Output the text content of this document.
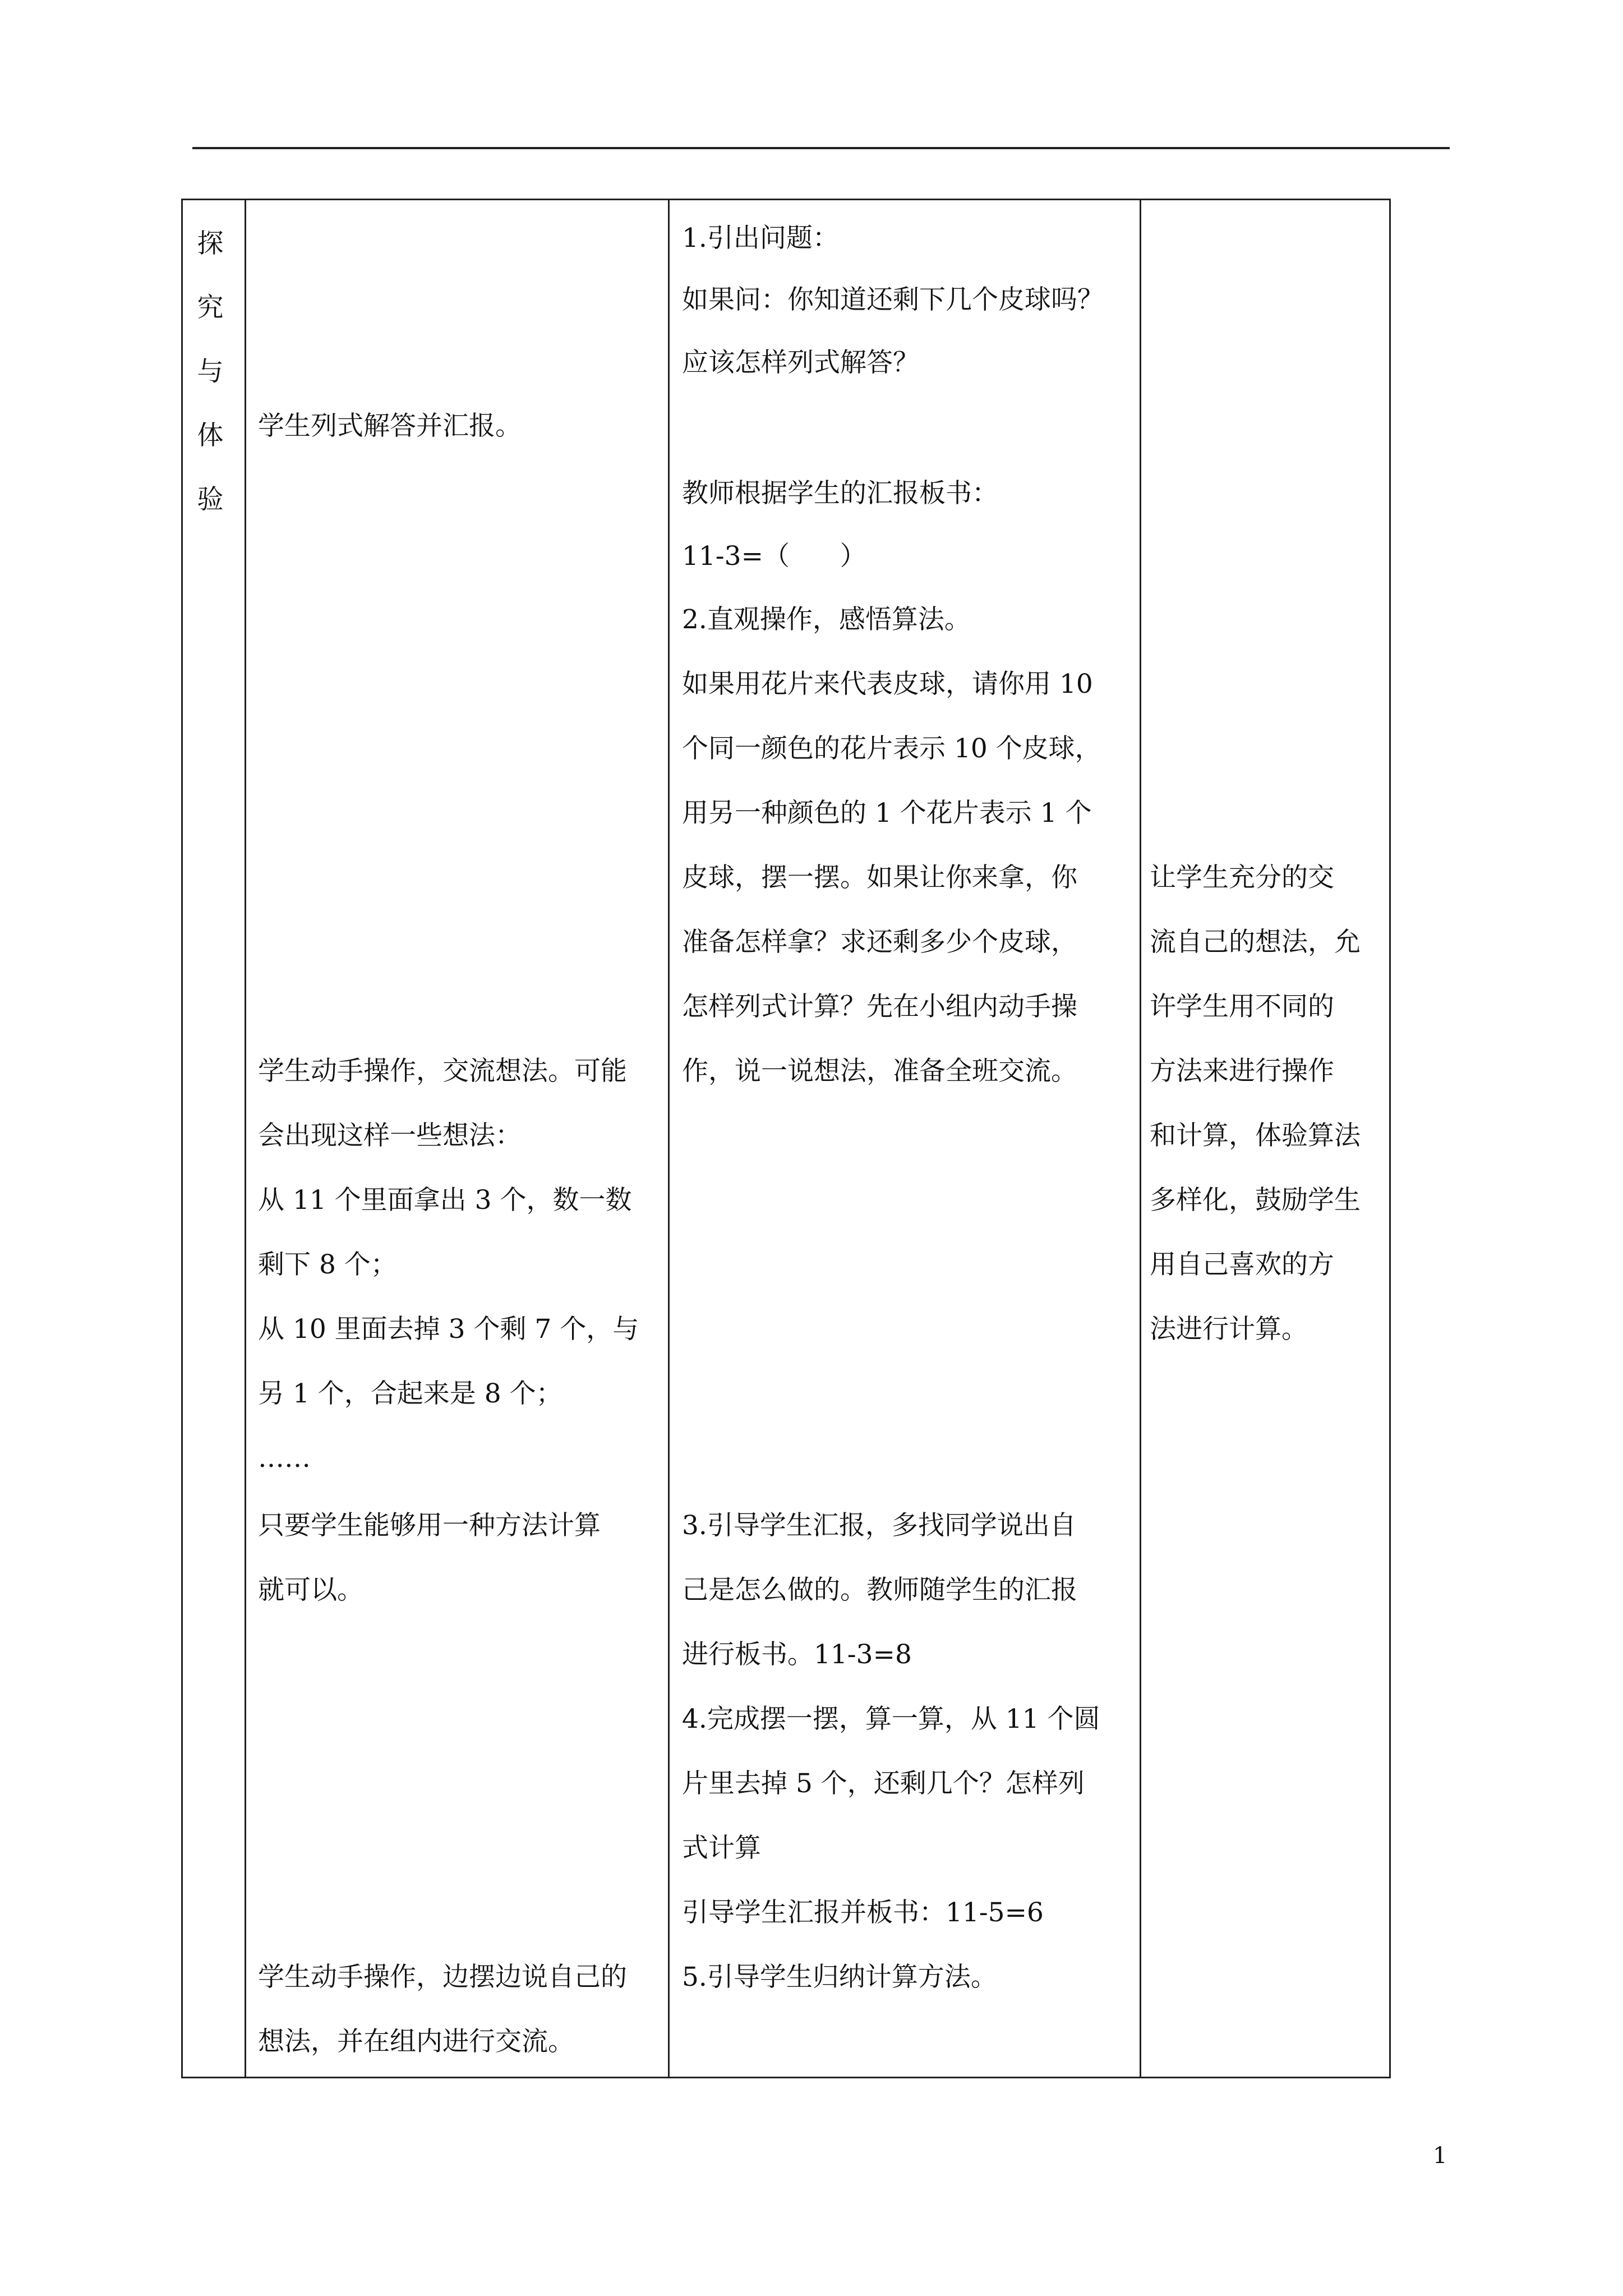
探
究
与
体
验
学生列式解答并汇报。
学生动手操作，交流想法。可能
会出现这样一些想法：
从 11 个里面拿出 3 个，数一数
剩下 8 个；
从 10 里面去掉 3 个剩 7 个，与
另 1 个，合起来是 8 个；
……
只要学生能够用一种方法计算
就可以。
学生动手操作，边摆边说自己的
想法，并在组内进行交流。
1.引出问题：
如果问：你知道还剩下几个皮球吗？
应该怎样列式解答？
教师根据学生的汇报板书：
11-3=（      ）
2.直观操作，感悟算法。
如果用花片来代表皮球，请你用 10
个同一颜色的花片表示 10 个皮球，
用另一种颜色的 1 个花片表示 1 个
皮球，摆一摆。如果让你来拿，你
准备怎样拿？求还剩多少个皮球，
怎样列式计算？先在小组内动手操
作，说一说想法，准备全班交流。
3.引导学生汇报，多找同学说出自
己是怎么做的。教师随学生的汇报
进行板书。11-3=8
4.完成摆一摆，算一算，从 11 个圆
片里去掉 5 个，还剩几个？怎样列
式计算
引导学生汇报并板书：11-5=6
5.引导学生归纳计算方法。
让学生充分的交
流自己的想法，允
许学生用不同的
方法来进行操作
和计算，体验算法
多样化，鼓励学生
用自己喜欢的方
法进行计算。
1
